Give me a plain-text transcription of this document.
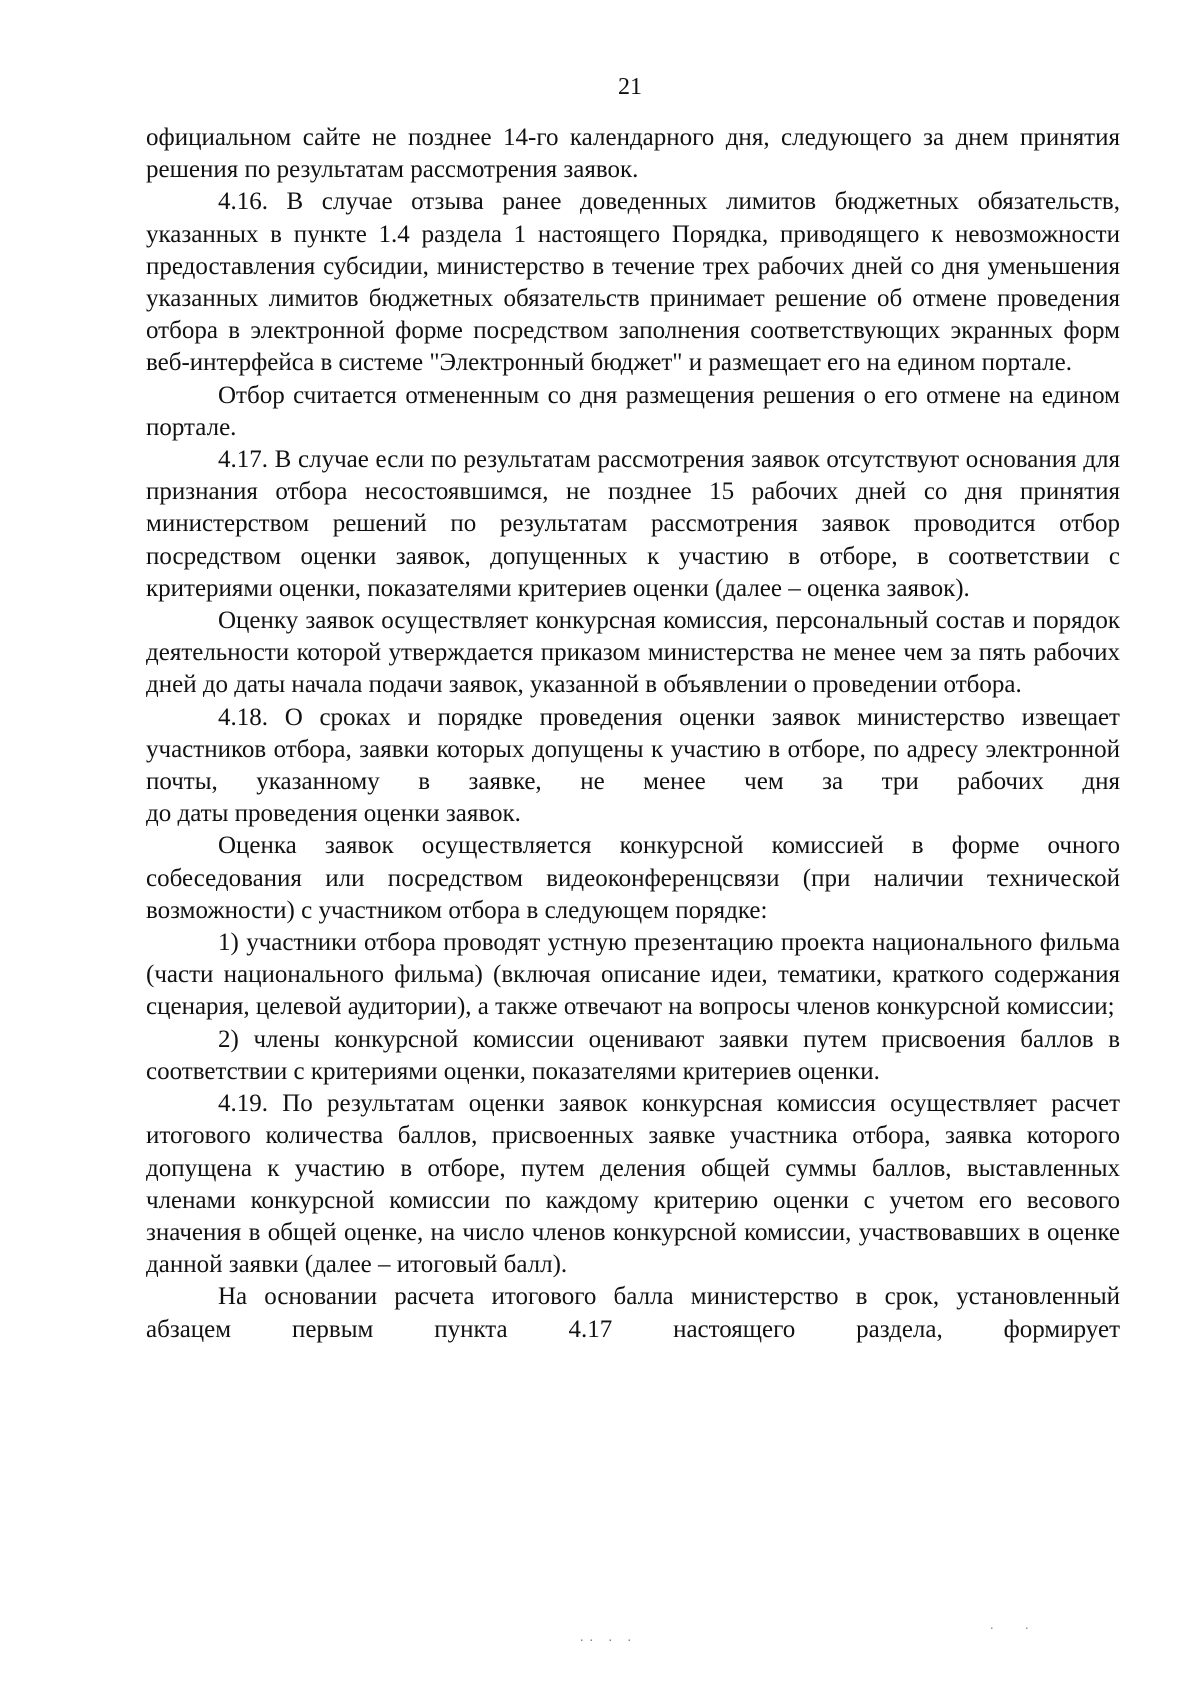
21

официальном сайте не позднее 14-го календарного дня, следующего за днем принятия решения по результатам рассмотрения заявок.

4.16. В случае отзыва ранее доведенных лимитов бюджетных обязательств, указанных в пункте 1.4 раздела 1 настоящего Порядка, приводящего к невозможности предоставления субсидии, министерство в течение трех рабочих дней со дня уменьшения указанных лимитов бюджетных обязательств принимает решение об отмене проведения отбора в электронной форме посредством заполнения соответствующих экранных форм веб-интерфейса в системе "Электронный бюджет" и размещает его на едином портале.

Отбор считается отмененным со дня размещения решения о его отмене на едином портале.

4.17. В случае если по результатам рассмотрения заявок отсутствуют основания для признания отбора несостоявшимся, не позднее 15 рабочих дней со дня принятия министерством решений по результатам рассмотрения заявок проводится отбор посредством оценки заявок, допущенных к участию в отборе, в соответствии с критериями оценки, показателями критериев оценки (далее – оценка заявок).

Оценку заявок осуществляет конкурсная комиссия, персональный состав и порядок деятельности которой утверждается приказом министерства не менее чем за пять рабочих дней до даты начала подачи заявок, указанной в объявлении о проведении отбора.

4.18. О сроках и порядке проведения оценки заявок министерство извещает участников отбора, заявки которых допущены к участию в отборе, по адресу электронной почты, указанному в заявке, не менее чем за три рабочих дня

до даты проведения оценки заявок.

Оценка заявок осуществляется конкурсной комиссией в форме очного собеседования или посредством видеоконференцсвязи (при наличии технической возможности) с участником отбора в следующем порядке:

1) участники отбора проводят устную презентацию проекта национального фильма (части национального фильма) (включая описание идеи, тематики, краткого содержания сценария, целевой аудитории), а также отвечают на вопросы членов конкурсной комиссии;

2) члены конкурсной комиссии оценивают заявки путем присвоения баллов в соответствии с критериями оценки, показателями критериев оценки.

4.19. По результатам оценки заявок конкурсная комиссия осуществляет расчет итогового количества баллов, присвоенных заявке участника отбора, заявка которого допущена к участию в отборе, путем деления общей суммы баллов, выставленных членами конкурсной комиссии по каждому критерию оценки с учетом его весового значения в общей оценке, на число членов конкурсной комиссии, участвовавших в оценке данной заявки (далее – итоговый балл).

На основании расчета итогового балла министерство в срок, установленный абзацем первым пункта 4.17 настоящего раздела, формирует

.. . .
. .
